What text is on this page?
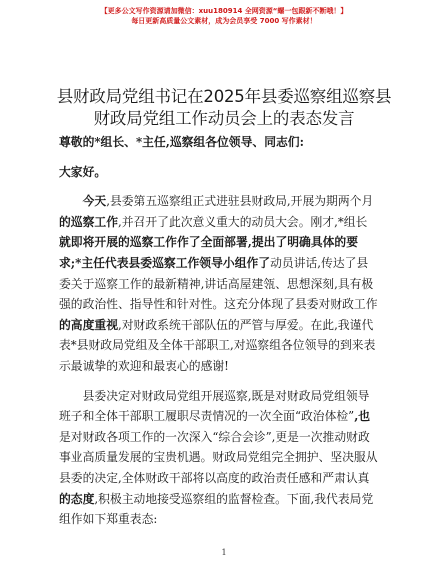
【更多公文写作资源请加微信：xuu180914 全网资源“螺一包跟新不断哦！】
每日更新高质量公文素材，成为会员享受 7000 写作素材！
县财政局党组书记在2025年县委巡察组巡察县
财政局党组工作动员会上的表态发言

尊敬的*组长、*主任,巡察组各位领导、同志们:

大家好。

今天,县委第五巡察组正式进驻县财政局,开展为期两个月
的巡察工作,并召开了此次意义重大的动员大会。刚才,*组长
就即将开展的巡察工作作了全面部署,提出了明确具体的要
求;*主任代表县委巡察工作领导小组作了动员讲话,传达了县
委关于巡察工作的最新精神,讲话高屋建瓴、思想深刻,具有极
强的政治性、指导性和针对性。这充分体现了县委对财政工作
的高度重视,对财政系统干部队伍的严管与厚爱。在此,我谨代
表*县财政局党组及全体干部职工,对巡察组各位领导的到来表
示最诚挚的欢迎和最衷心的感谢!

县委决定对财政局党组开展巡察,既是对财政局党组领导
班子和全体干部职工履职尽责情况的一次全面“政治体检”,也
是对财政各项工作的一次深入“综合会诊”,更是一次推动财政
事业高质量发展的宝贵机遇。财政局党组完全拥护、坚决服从
县委的决定,全体财政干部将以高度的政治责任感和严肃认真
的态度,积极主动地接受巡察组的监督检查。下面,我代表局党
组作如下郑重表态:

1
